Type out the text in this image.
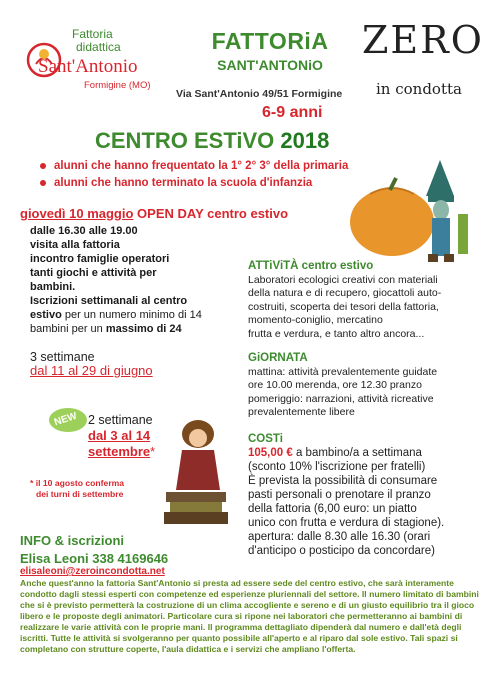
Fattoria
didattica
Sant'Antonio
Formigine (MO)
FATTORiA
SANT'ANTONiO
ZERO
in condotta
Via Sant'Antonio 49/51 Formigine
6-9 anni
CENTRO ESTiVO 2018
alunni che hanno frequentato la 1° 2° 3° della primaria
alunni che hanno terminato la scuola d'infanzia
giovedì 10 maggio OPEN DAY centro estivo
dalle 16.30 alle 19.00
visita alla fattoria
incontro famiglie operatori
tanti giochi e attività per
bambini.
Iscrizioni settimanali al centro
estivo per un numero minimo di 14
bambini per un massimo di 24
3 settimane
dal 11 al 29 di giugno
NEW 2 settimane
dal 3 al 14
settembre*
* il 10 agosto conferma
dei turni di settembre
ATTiViTÀ centro estivo
Laboratori ecologici creativi con materiali
della natura e di recupero, giocattoli auto-
costruiti, scoperta dei tesori della fattoria,
momento-coniglio, mercatino
frutta e verdura, e tanto altro ancora...
GiORNATA
mattina: attività prevalentemente guidate
ore 10.00 merenda, ore 12.30 pranzo
pomeriggio: narrazioni, attività ricreative
prevalentemente libere
COSTi
105,00 € a bambino/a a settimana
(sconto 10% l'iscrizione per fratelli)
È prevista la possibilità di consumare
pasti personali o prenotare il pranzo
della fattoria (6,00 euro: un piatto
unico con frutta e verdura di stagione).
apertura: dalle 8.30 alle 16.30 (orari
d'anticipo o posticipo da concordare)
INFO & iscrizioni
Elisa Leoni 338 4169646
elisaleoni@zeroincondotta.net
Anche quest'anno la fattoria Sant'Antonio si presta ad essere sede del centro estivo, che sarà interamente condotto dagli stessi esperti con competenze ed esperienze pluriennali del settore. Il numero limitato di bambini che si è previsto permetterà la costruzione di un clima accogliente e sereno e di un giusto equilibrio tra il gioco libero e le proposte degli animatori. Particolare cura si ripone nei laboratori che permetteranno ai bambini di realizzare le varie attività con le proprie mani. Il programma dettagliato dipenderà dal numero e dall'età degli iscritti. Tutte le attività si svolgeranno per quanto possibile all'aperto e al riparo dal sole estivo. Tali spazi si completano con strutture coperte, l'aula didattica e i servizi che ampliano l'offerta.
